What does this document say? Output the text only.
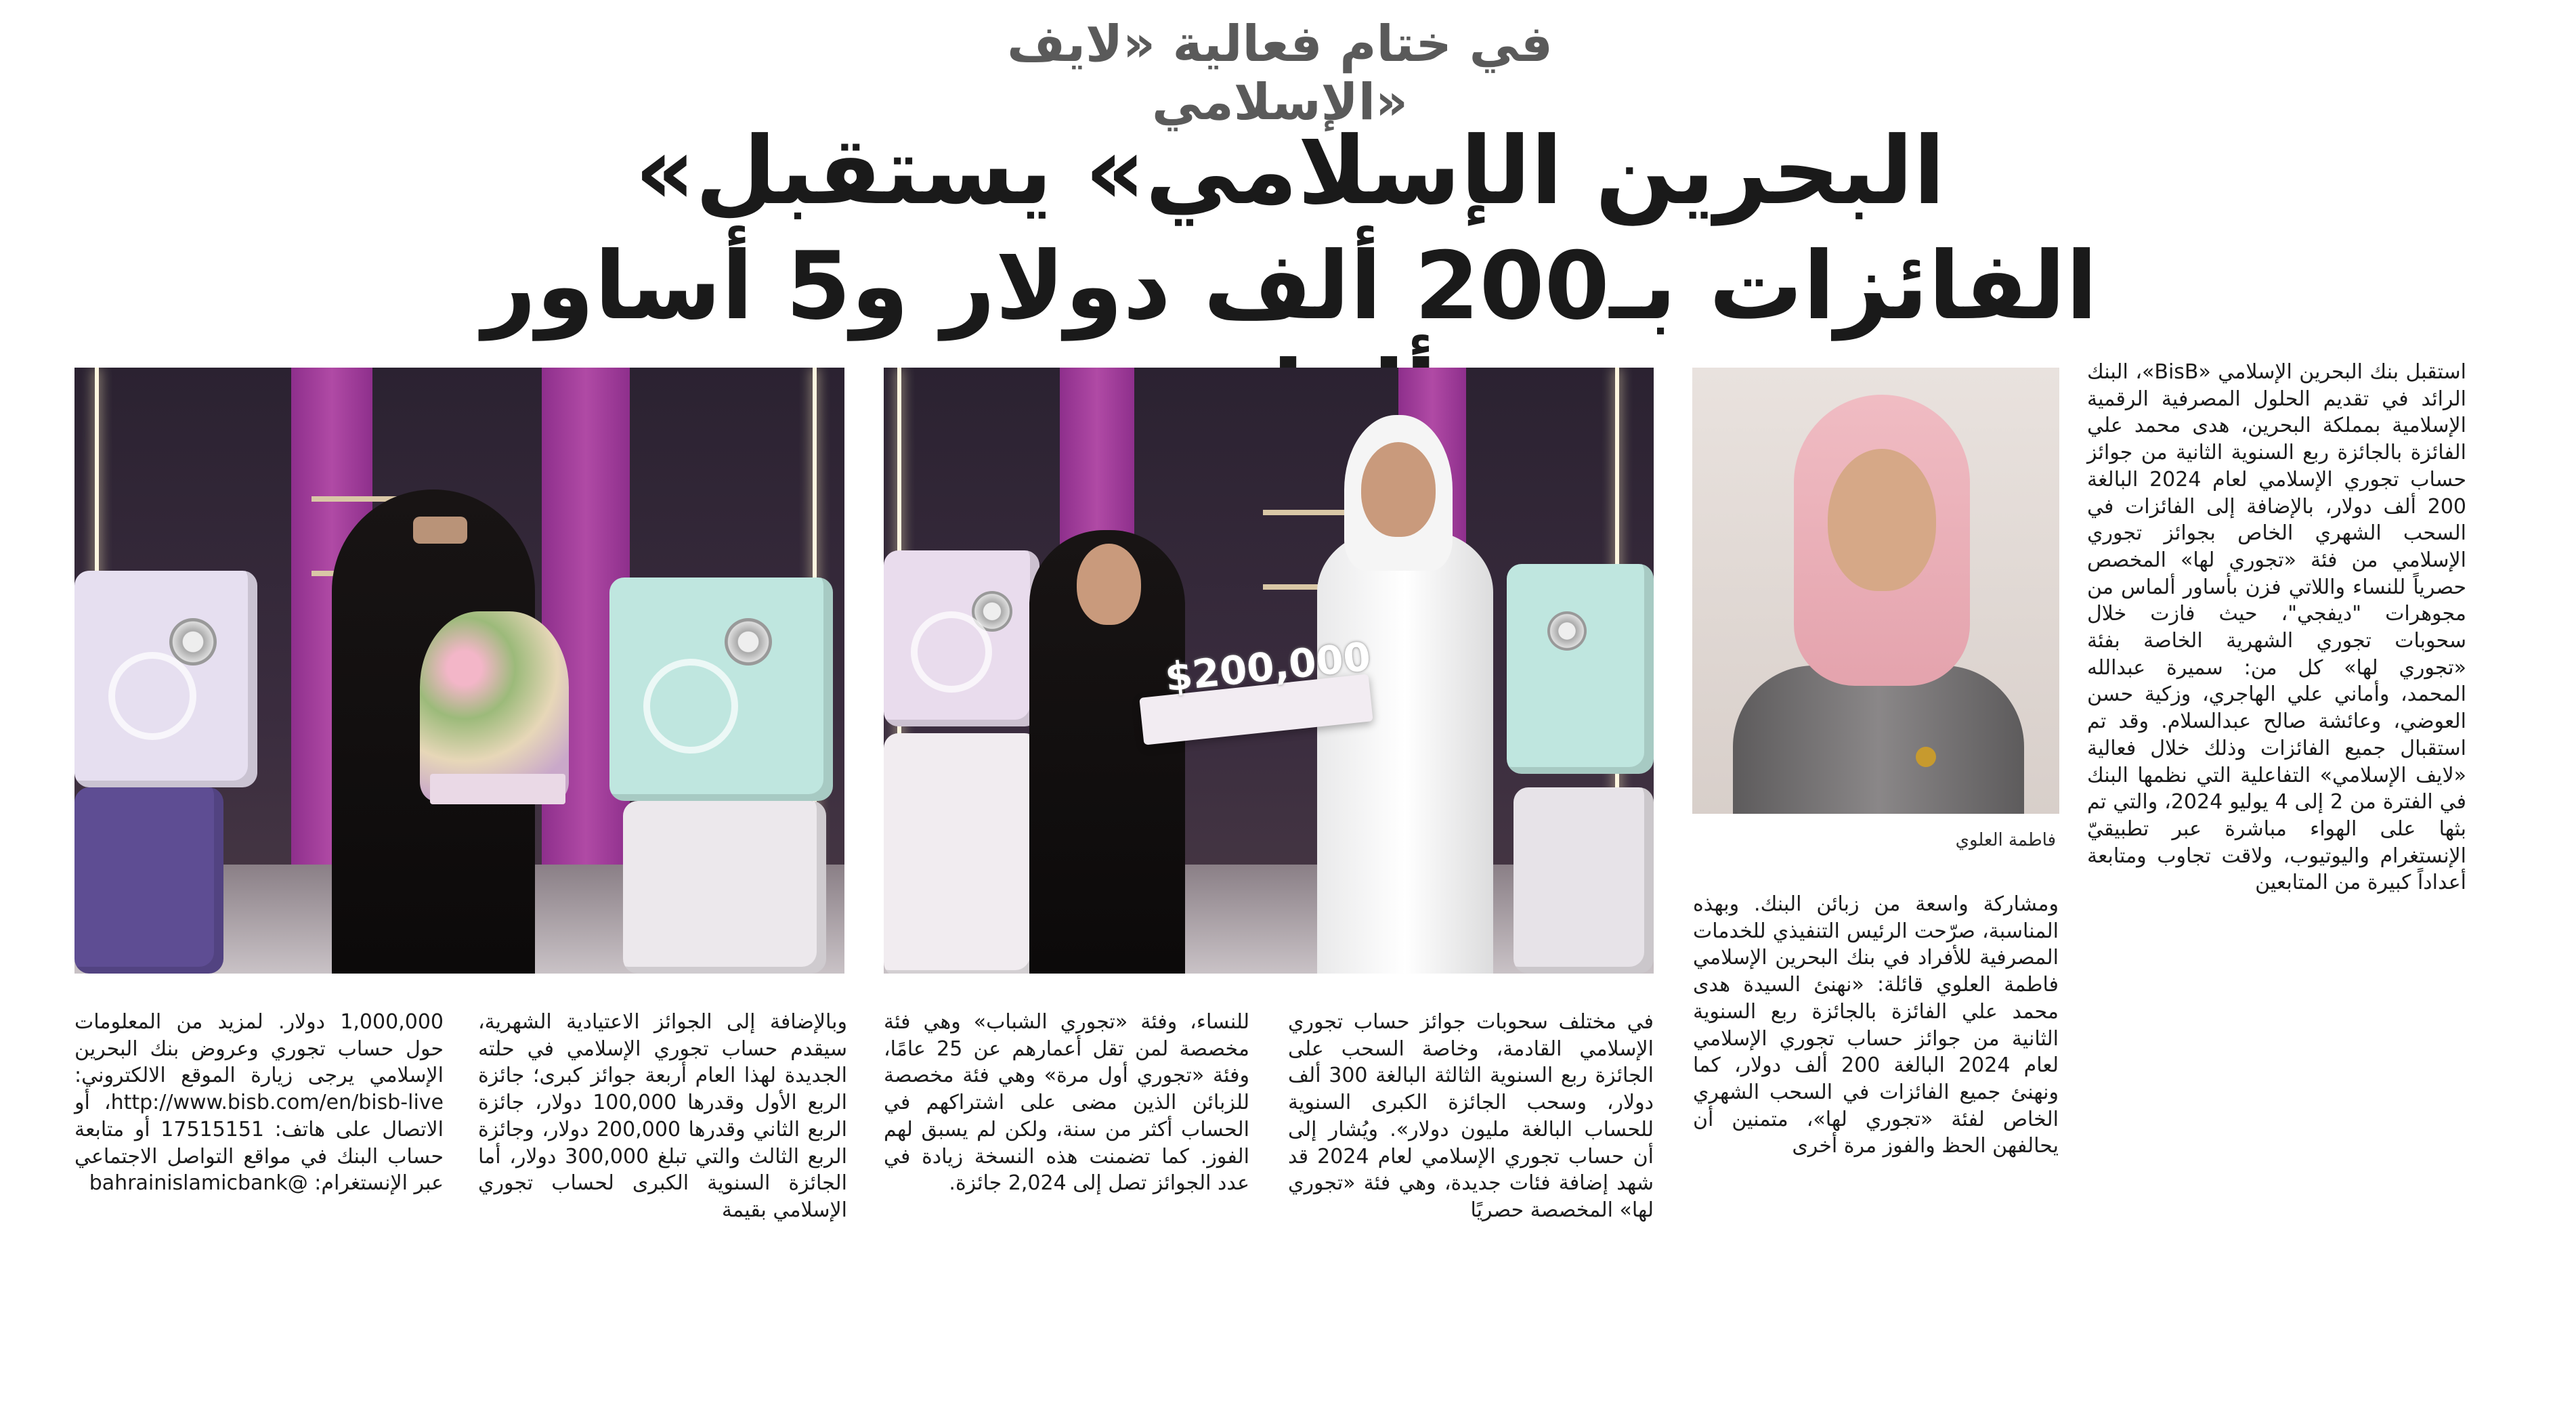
في ختام فعالية «لايف الإسلامي»
«البحرين الإسلامي» يستقبل
الفائزات بـ200 ألف دولار و5 أساور

استقبل بنك البحرين الإسلامي «BisB»، البنك الرائد في تقديم الحلول المصرفية الرقمية الإسلامية بمملكة البحرين، هدى محمد علي الفائزة بالجائزة ربع السنوية الثانية من جوائز حساب تجوري الإسلامي لعام 2024 البالغة 200 ألف دولار، بالإضافة إلى الفائزات في السحب الشهري الخاص بجوائز تجوري الإسلامي من فئة «تجوري لها» المخصص حصرياً للنساء واللاتي فزن بأساور ألماس من مجوهرات "ديفجي"، حيث فازت خلال سحوبات تجوري الشهرية الخاصة بفئة «تجوري لها» كل من: سميرة عبدالله المحمد، وأماني علي الهاجري، وزكية حسن العوضي، وعائشة صالح عبدالسلام. وقد تم استقبال جميع الفائزات وذلك خلال فعالية «لايف الإسلامي» التفاعلية التي نظمها البنك في الفترة من 2 إلى 4 يوليو 2024، والتي تم بثها على الهواء مباشرة عبر تطبيقيّ الإنستغرام واليوتيوب، ولاقت تجاوب ومتابعة أعداداً كبيرة من المتابعين

فاطمة العلوي
$200,000

ومشاركة واسعة من زبائن البنك. وبهذه المناسبة، صرّحت الرئيس التنفيذي للخدمات المصرفية للأفراد في بنك البحرين الإسلامي فاطمة العلوي قائلة: «نهنئ السيدة هدى محمد علي الفائزة بالجائزة ربع السنوية الثانية من جوائز حساب تجوري الإسلامي لعام 2024 البالغة 200 ألف دولار، كما ونهنئ جميع الفائزات في السحب الشهري الخاص لفئة «تجوري لها»، متمنين أن يحالفهن الحظ والفوز مرة أخرى

في مختلف سحوبات جوائز حساب تجوري الإسلامي القادمة، وخاصة السحب على الجائزة ربع السنوية الثالثة البالغة 300 ألف دولار، وسحب الجائزة الكبرى السنوية للحساب البالغة مليون دولار». ويُشار إلى أن حساب تجوري الإسلامي لعام 2024 قد شهد إضافة فئات جديدة، وهي فئة «تجوري لها» المخصصة حصريًا

للنساء، وفئة «تجوري الشباب» وهي فئة مخصصة لمن تقل أعمارهم عن 25 عامًا، وفئة «تجوري أول مرة» وهي فئة مخصصة للزبائن الذين مضى على اشتراكهم في الحساب أكثر من سنة، ولكن لم يسبق لهم الفوز. كما تضمنت هذه النسخة زيادة في عدد الجوائز تصل إلى 2,024 جائزة.

وبالإضافة إلى الجوائز الاعتيادية الشهرية، سيقدم حساب تجوري الإسلامي في حلته الجديدة لهذا العام أربعة جوائز كبرى؛ جائزة الربع الأول وقدرها 100,000 دولار، جائزة الربع الثاني وقدرها 200,000 دولار، وجائزة الربع الثالث والتي تبلغ 300,000 دولار، أما الجائزة السنوية الكبرى لحساب تجوري الإسلامي بقيمة

1,000,000 دولار. لمزيد من المعلومات حول حساب تجوري وعروض بنك البحرين الإسلامي يرجى زيارة الموقع الالكتروني: http://www.bisb.com/en/bisb-live، أو الاتصال على هاتف: 17515151 أو متابعة حساب البنك في مواقع التواصل الاجتماعي عبر الإنستغرام: @bahrainislamicbank
